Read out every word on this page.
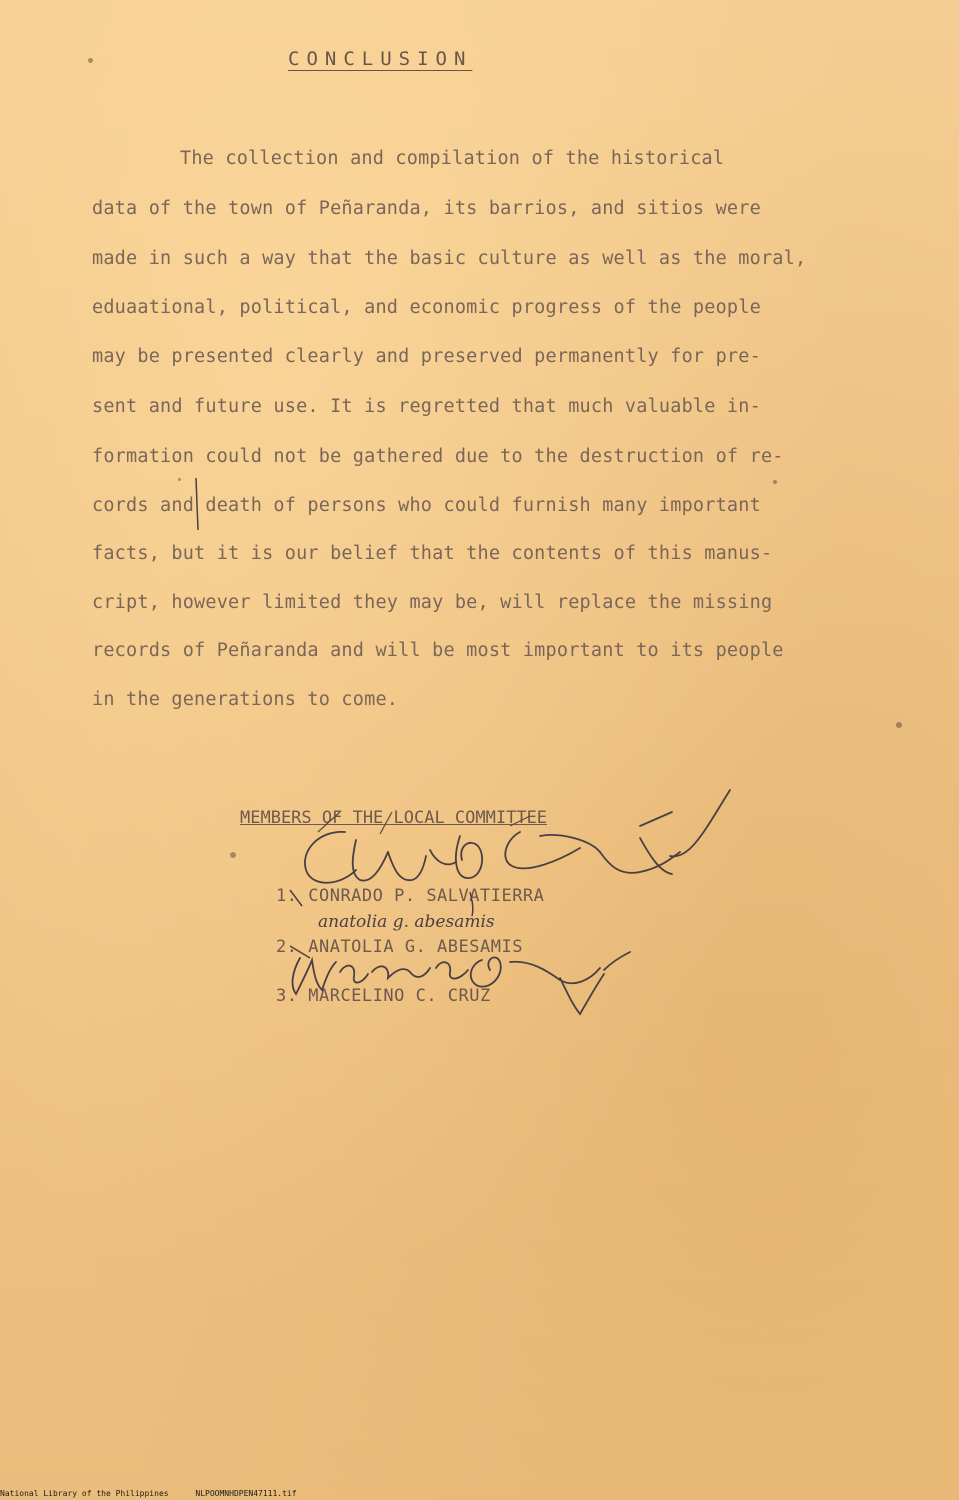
CONCLUSION
The collection and compilation of the historical
data of the town of Peñaranda, its barrios, and sitios were
made in such a way that the basic culture as well as the moral,
eduaational, political, and economic progress of the people
may be presented clearly and preserved permanently for pre-
sent and future use. It is regretted that much valuable in-
formation could not be gathered due to the destruction of re-
cords and death of persons who could furnish many important
facts, but it is our belief that the contents of this manus-
cript, however limited they may be, will replace the missing
records of Peñaranda and will be most important to its people
in the generations to come.
MEMBERS OF THE LOCAL COMMITTEE
1. CONRADO P. SALVATIERRA
2. ANATOLIA G. ABESAMIS
3. MARCELINO C. CRUZ
anatolia g. abesamis
National Library of the Philippines	NLPOOMNHDPEN47111.tif
